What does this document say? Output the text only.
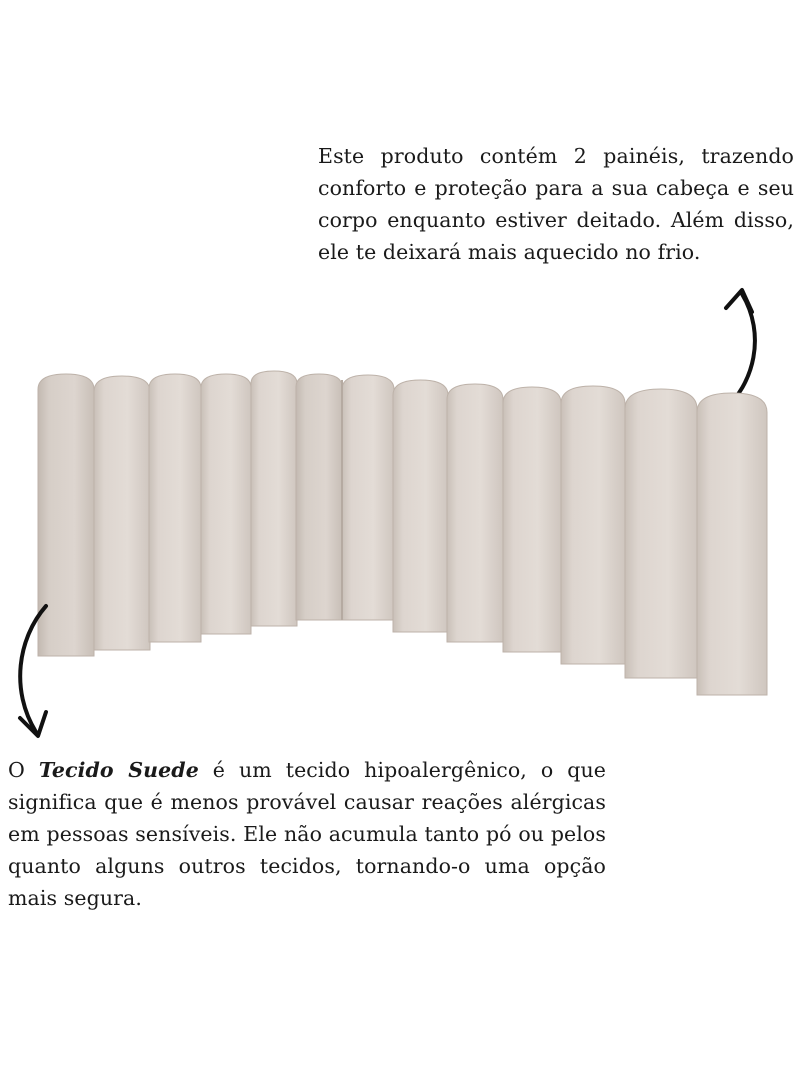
Este produto contém 2 painéis, trazendo conforto e proteção para a sua cabeça e seu corpo enquanto estiver deitado. Além disso, ele te deixará mais aquecido no frio.
O Tecido Suede é um tecido hipoalergênico, o que significa que é menos provável causar reações alérgicas em pessoas sensíveis. Ele não acumula tanto pó ou pelos quanto alguns outros tecidos, tornando-o uma opção mais segura.
